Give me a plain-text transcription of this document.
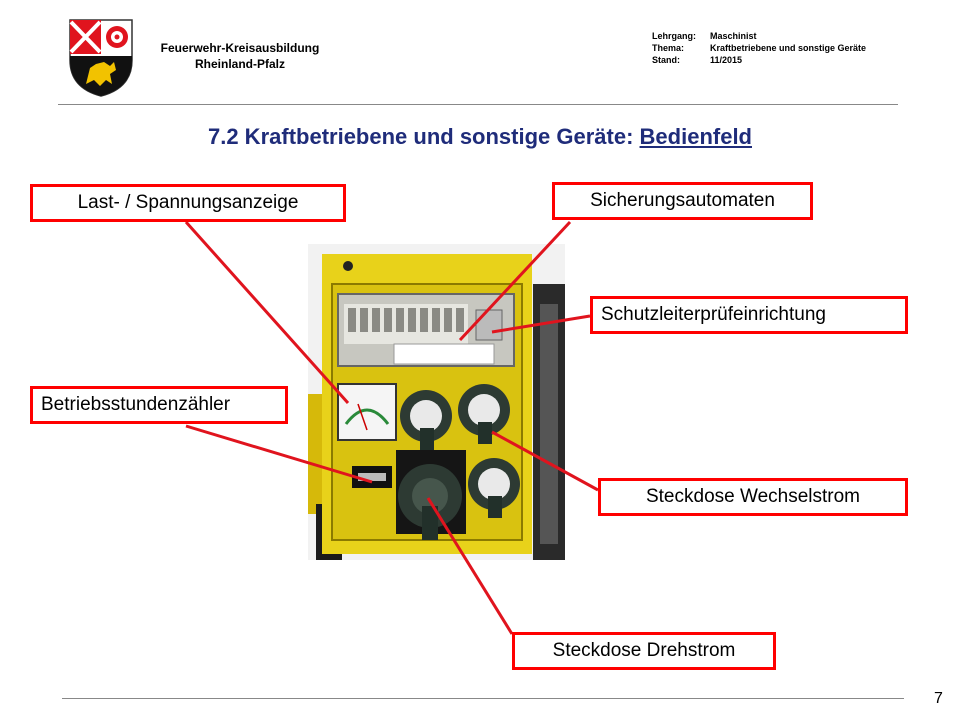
Feuerwehr-Kreisausbildung
Rheinland-Pfalz
Lehrgang: Maschinist
Thema:	Kraftbetriebene und sonstige Geräte
Stand:	11/2015
7.2 Kraftbetriebene und sonstige Geräte: Bedienfeld
Last- / Spannungsanzeige	Sicherungsautomaten
Schutzleiterprüfeinrichtung
Betriebsstundenzähler
Steckdose Wechselstrom
Steckdose Drehstrom
7
